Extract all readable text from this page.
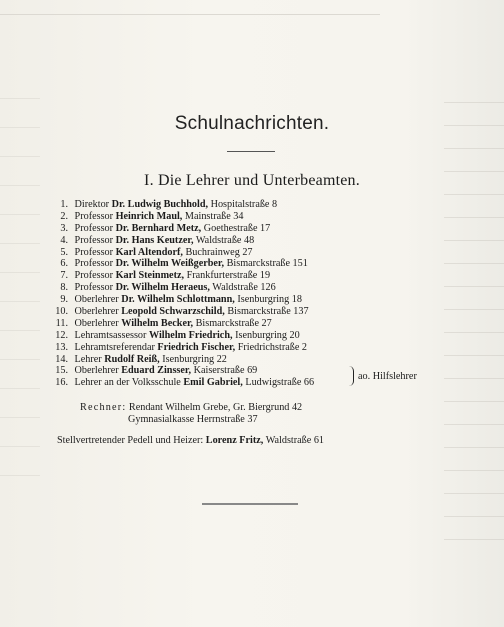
Schulnachrichten.
I. Die Lehrer und Unterbeamten.
1. Direktor Dr. Ludwig Buchhold, Hospitalstraße 8
2. Professor Heinrich Maul, Mainstraße 34
3. Professor Dr. Bernhard Metz, Goethestraße 17
4. Professor Dr. Hans Keutzer, Waldstraße 48
5. Professor Karl Altendorf, Buchrainweg 27
6. Professor Dr. Wilhelm Weißgerber, Bismarckstraße 151
7. Professor Karl Steinmetz, Frankfurterstraße 19
8. Professor Dr. Wilhelm Heraeus, Waldstraße 126
9. Oberlehrer Dr. Wilhelm Schlottmann, Isenburgring 18
10. Oberlehrer Leopold Schwarzschild, Bismarckstraße 137
11. Oberlehrer Wilhelm Becker, Bismarckstraße 27
12. Lehramtsassessor Wilhelm Friedrich, Isenburgring 20
13. Lehramtsreferendar Friedrich Fischer, Friedrichstraße 2
14. Lehrer Rudolf Reiß, Isenburgring 22
15. Oberlehrer Eduard Zinsser, Kaiserstraße 69
16. Lehrer an der Volksschule Emil Gabriel, Ludwigstraße 66
ao. Hilfslehrer
Rechner: Rendant Wilhelm Grebe, Gr. Biergrund 42
Gymnasialkasse Herrnstraße 37
Stellvertretender Pedell und Heizer: Lorenz Fritz, Waldstraße 61
